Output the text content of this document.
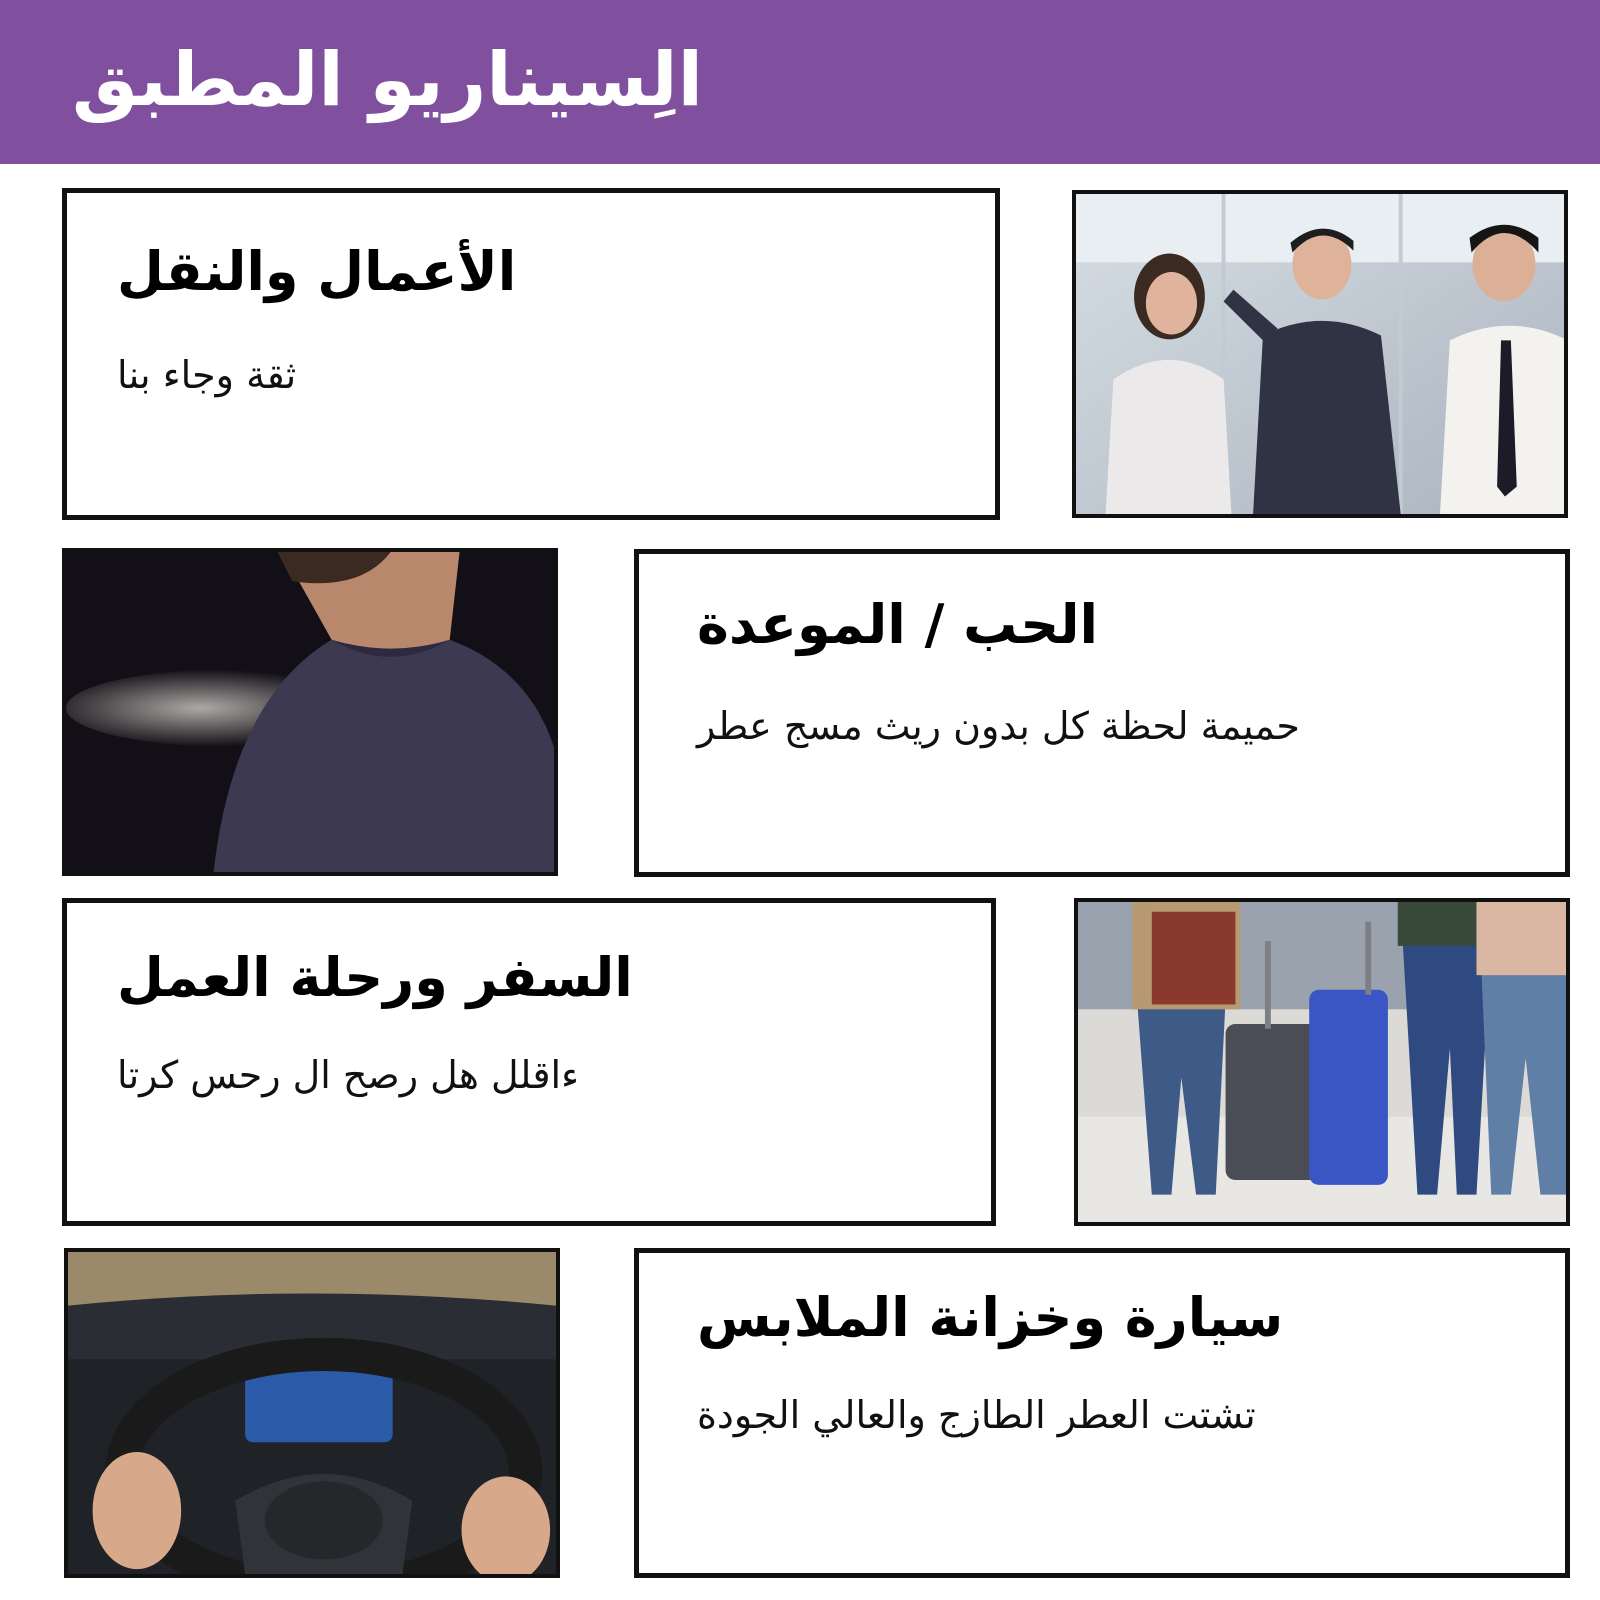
الِسيناريو المطبق
الأعمال والنقل
ثقة وجاء بنا
الحب / الموعدة
حميمة لحظة كل بدون ريث مسج عطر
السفر ورحلة العمل
ءاقلل هل رصح ال رحس كرتا
سيارة وخزانة الملابس
تشتت العطر الطازج والعالي الجودة
